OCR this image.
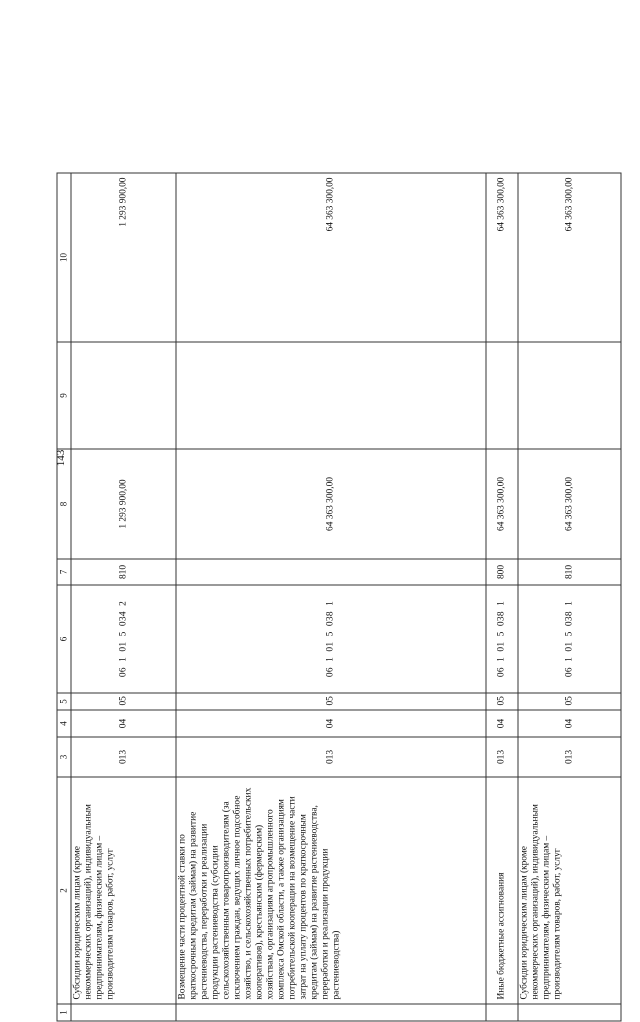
143
1	2	3	4	5	6	7	8	9	10
	Субсидии юридическим лицам (кроме некоммерческих организаций), индивидуальным предпринимателям, физическим лицам – производителям товаров, работ, услуг	013	04	05	06  1  01  5  034  2	810	1 293 900,00		1 293 900,00
	Возмещение части процентной ставки по краткосрочным кредитам (займам) на развитие растениеводства, переработки и реализации продукции растениеводства (субсидии сельскохозяйственным товаропроизводителям (за исключением граждан, ведущих личное подсобное хозяйство, и сельскохозяйственных потребительских кооперативов), крестьянским (фермерским) хозяйствам, организациям агропромышленного комплекса Омской области, а также организациям потребительской кооперации на возмещение части затрат на уплату процентов по краткосрочным кредитам (займам) на развитие растениеводства, переработки и реализации продукции растениеводства)	013	04	05	06  1  01  5  038  1		64 363 300,00		64 363 300,00
	Иные бюджетные ассигнования	013	04	05	06  1  01  5  038  1	800	64 363 300,00		64 363 300,00
	Субсидии юридическим лицам (кроме некоммерческих организаций), индивидуальным предпринимателям, физическим лицам – производителям товаров, работ, услуг	013	04	05	06  1  01  5  038  1	810	64 363 300,00		64 363 300,00
